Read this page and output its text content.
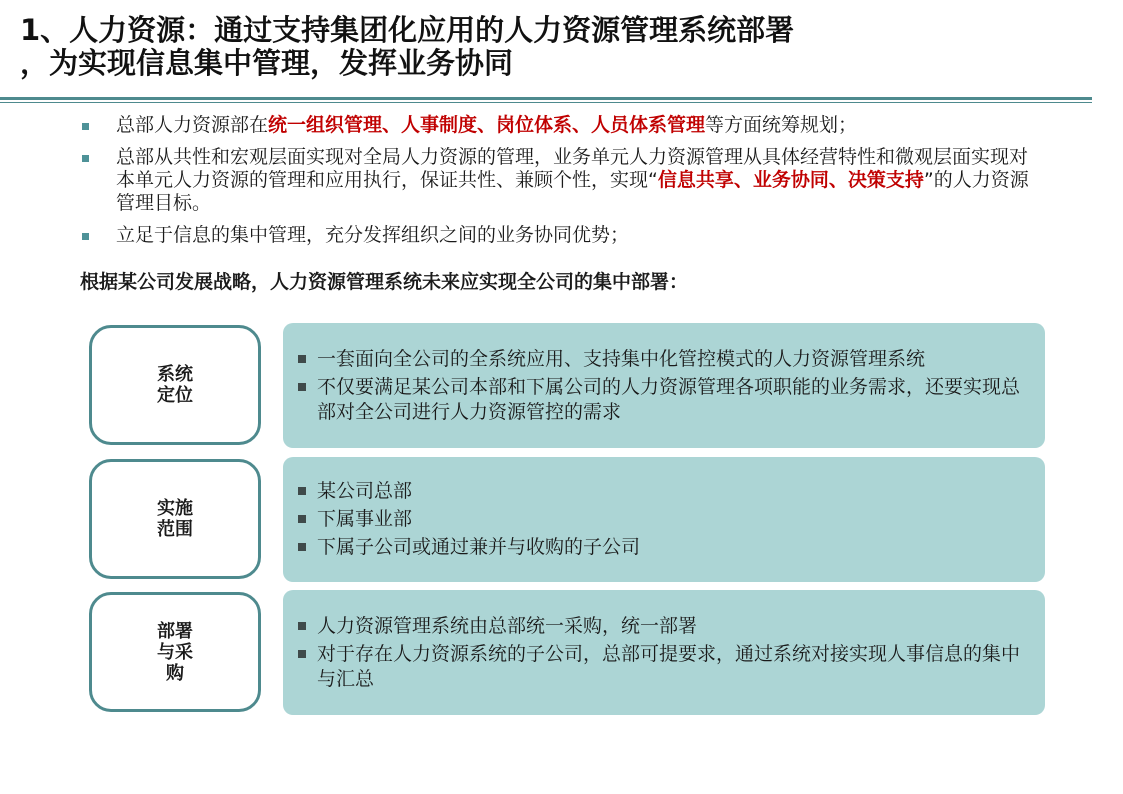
1、人力资源：通过支持集团化应用的人力资源管理系统部署
，为实现信息集中管理，发挥业务协同
总部人力资源部在统一组织管理、人事制度、岗位体系、人员体系管理等方面统筹规划；
总部从共性和宏观层面实现对全局人力资源的管理，业务单元人力资源管理从具体经营特性和微观层面实现对本单元人力资源的管理和应用执行，保证共性、兼顾个性，实现“信息共享、业务协同、决策支持”的人力资源管理目标。
立足于信息的集中管理，充分发挥组织之间的业务协同优势；

根据某公司发展战略，人力资源管理系统未来应实现全公司的集中部署：

系统定位
一套面向全公司的全系统应用、支持集中化管控模式的人力资源管理系统
不仅要满足某公司本部和下属公司的人力资源管理各项职能的业务需求，还要实现总部对全公司进行人力资源管控的需求
实施范围
某公司总部
下属事业部
下属子公司或通过兼并与收购的子公司
部署与采购
人力资源管理系统由总部统一采购，统一部署
对于存在人力资源系统的子公司，总部可提要求，通过系统对接实现人事信息的集中与汇总
